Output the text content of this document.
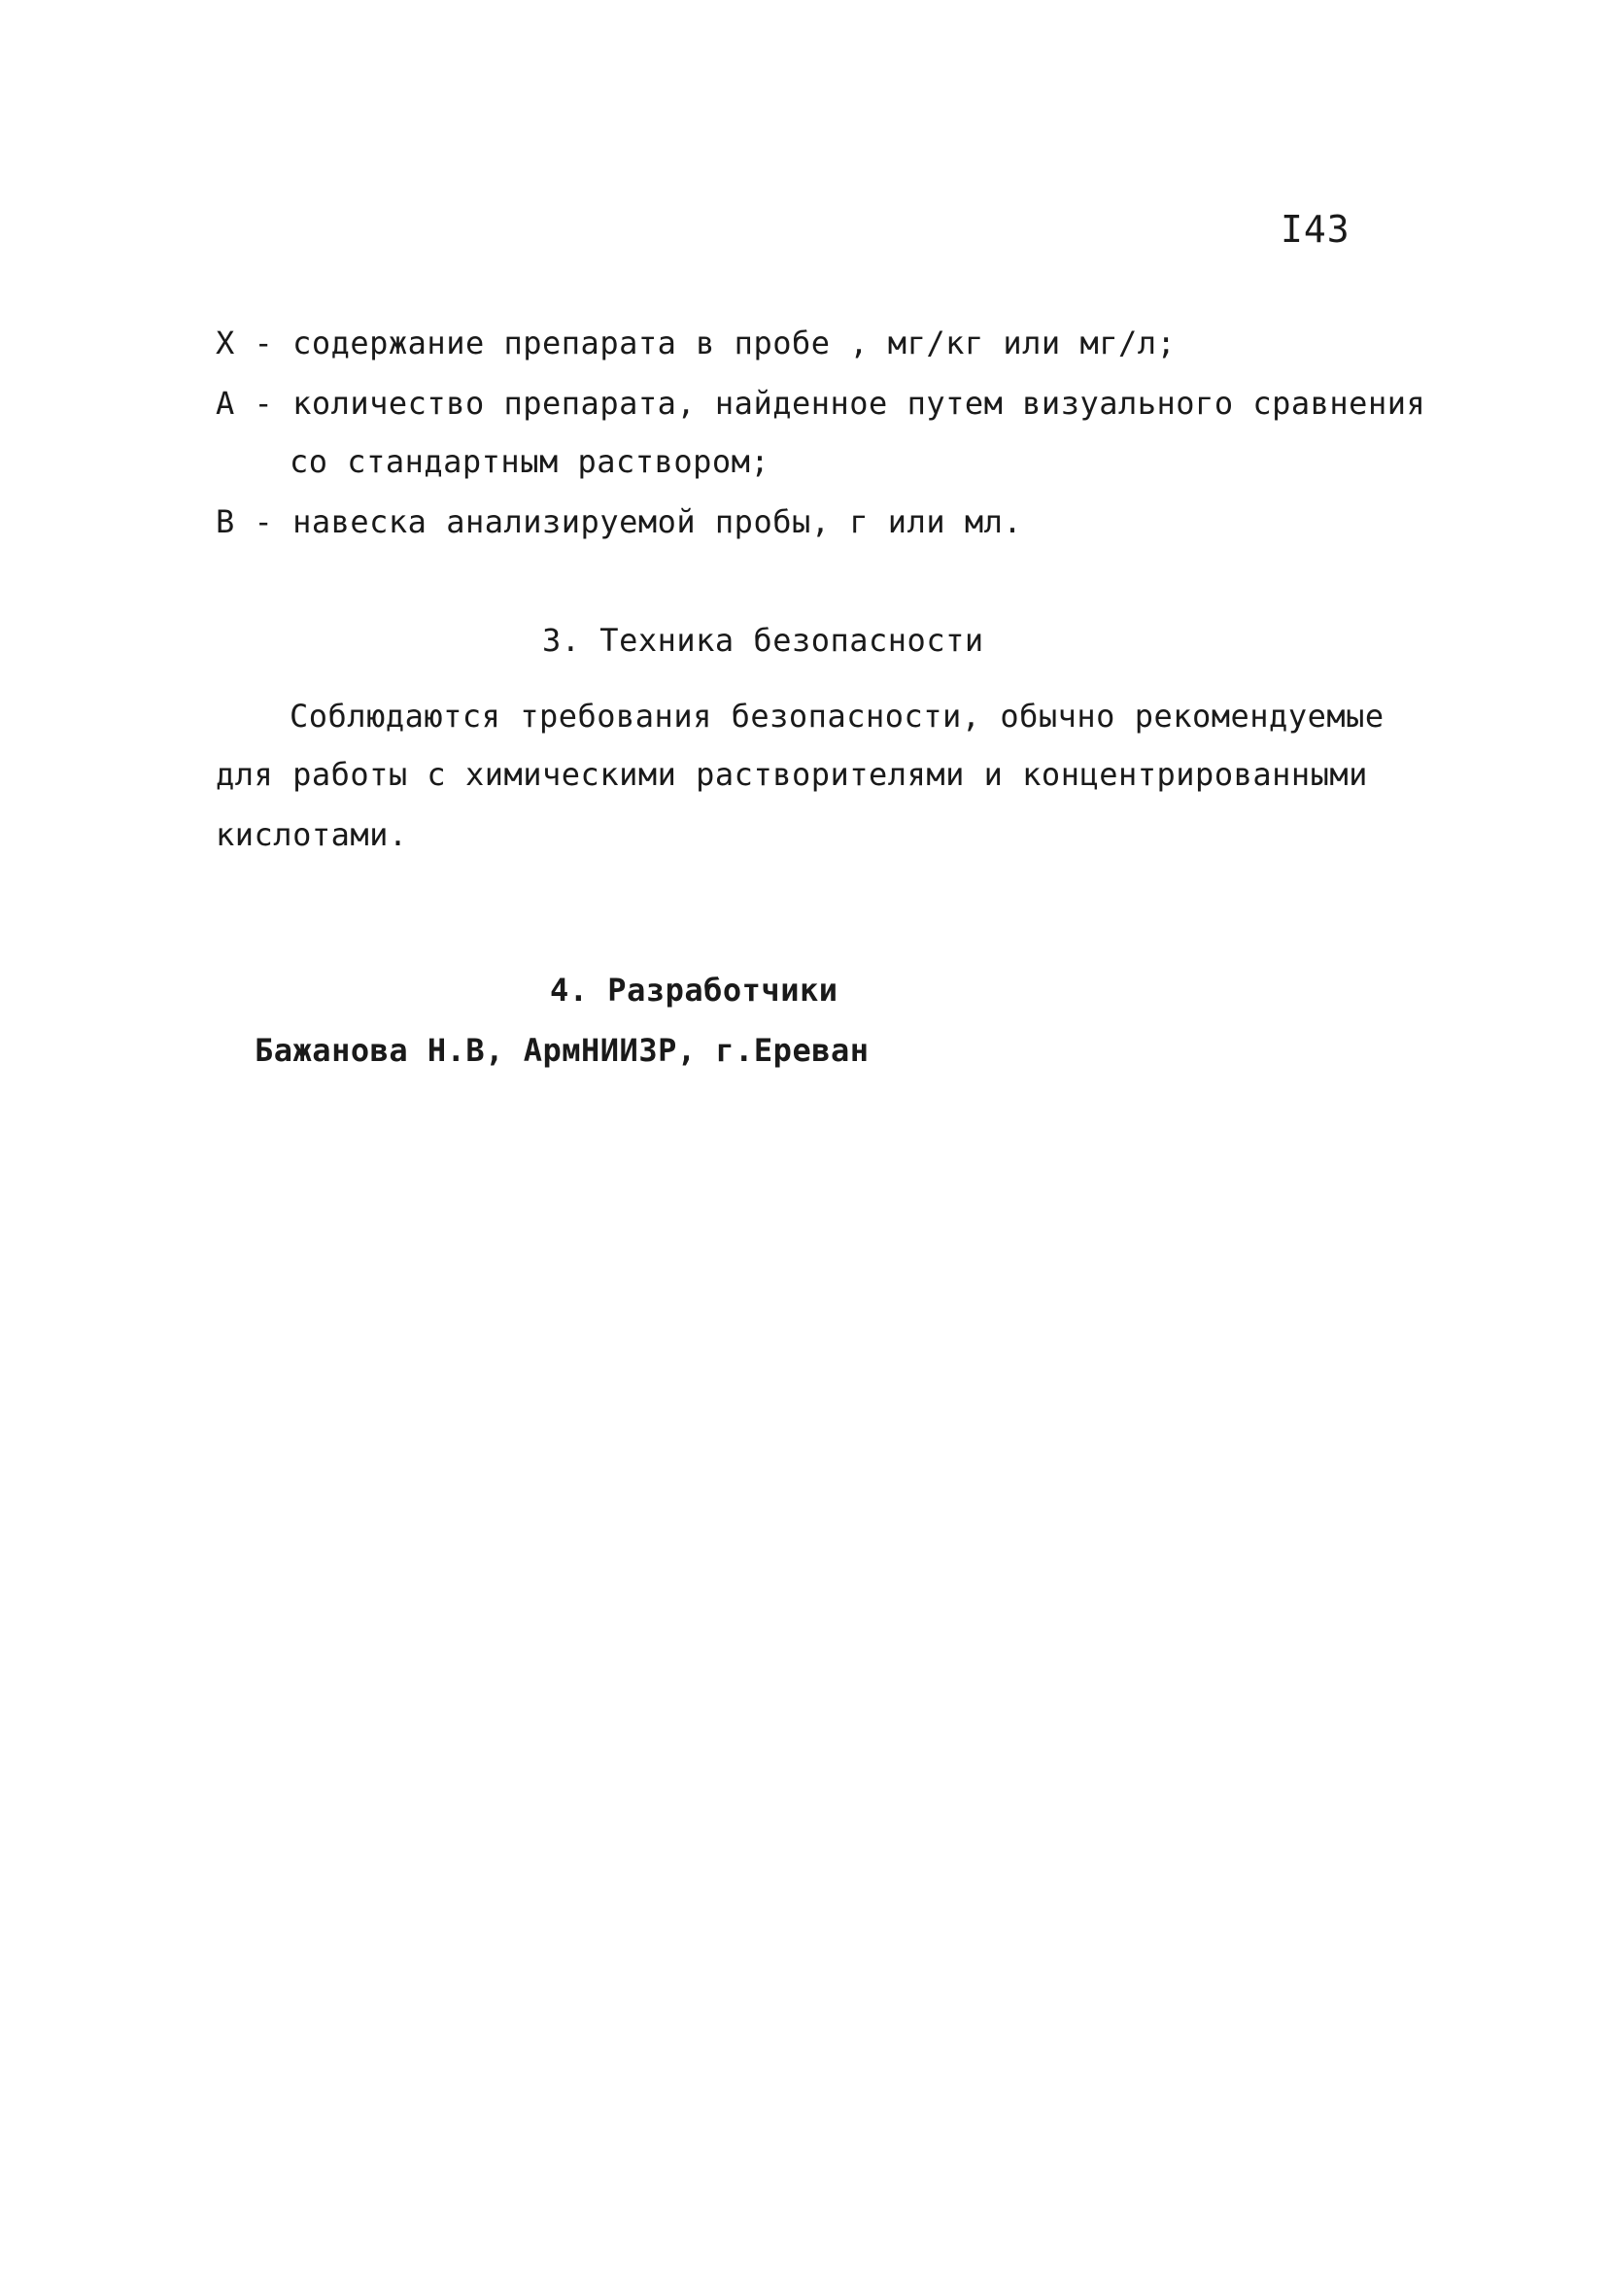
I43
X - содержание препарата в пробе , мг/кг или мг/л;
А - количество препарата, найденное путем визуального сравнения
со стандартным раствором;
В - навеска анализируемой пробы, г или мл.
3. Техника безопасности
Соблюдаются требования безопасности, обычно рекомендуемые
для работы с химическими растворителями и концентрированными
кислотами.
4. Разработчики
Бажанова Н.В, АрмНИИЗР, г.Ереван
